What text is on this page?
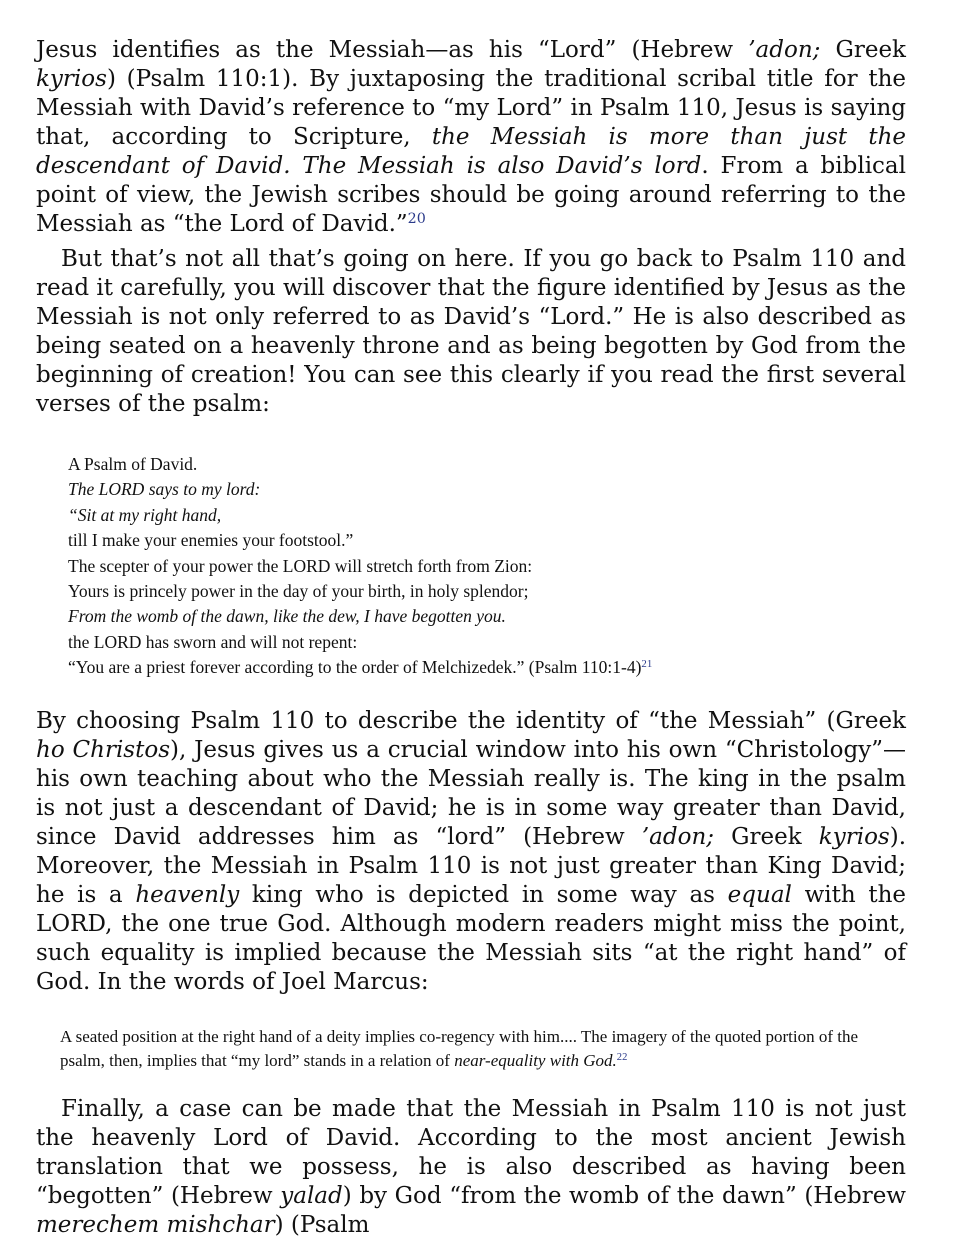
Jesus identifies as the Messiah—as his “Lord” (Hebrew ’adon; Greek kyrios) (Psalm 110:1). By juxtaposing the traditional scribal title for the Messiah with David’s reference to “my Lord” in Psalm 110, Jesus is saying that, according to Scripture, the Messiah is more than just the descendant of David. The Messiah is also David’s lord. From a biblical point of view, the Jewish scribes should be going around referring to the Messiah as “the Lord of David.”$^{20}$

But that’s not all that’s going on here. If you go back to Psalm 110 and read it carefully, you will discover that the figure identified by Jesus as the Messiah is not only referred to as David’s “Lord.” He is also described as being seated on a heavenly throne and as being begotten by God from the beginning of creation! You can see this clearly if you read the first several verses of the psalm:

A Psalm of David.
The LORD says to my lord:
“Sit at my right hand,
till I make your enemies your footstool.”
The scepter of your power the LORD will stretch forth from Zion:
Yours is princely power in the day of your birth, in holy splendor;
From the womb of the dawn, like the dew, I have begotten you.
the LORD has sworn and will not repent:
“You are a priest forever according to the order of Melchizedek.” (Psalm 110:1-4)$^{21}$

By choosing Psalm 110 to describe the identity of “the Messiah” (Greek ho Christos), Jesus gives us a crucial window into his own “Christology”—his own teaching about who the Messiah really is. The king in the psalm is not just a descendant of David; he is in some way greater than David, since David addresses him as “lord” (Hebrew ’adon; Greek kyrios). Moreover, the Messiah in Psalm 110 is not just greater than King David; he is a heavenly king who is depicted in some way as equal with the LORD, the one true God. Although modern readers might miss the point, such equality is implied because the Messiah sits “at the right hand” of God. In the words of Joel Marcus:

A seated position at the right hand of a deity implies co-regency with him.... The imagery of the quoted portion of the psalm, then, implies that “my lord” stands in a relation of near-equality with God.$^{22}$

Finally, a case can be made that the Messiah in Psalm 110 is not just the heavenly Lord of David. According to the most ancient Jewish translation that we possess, he is also described as having been “begotten” (Hebrew yalad) by God “from the womb of the dawn” (Hebrew merechem mishchar) (Psalm
